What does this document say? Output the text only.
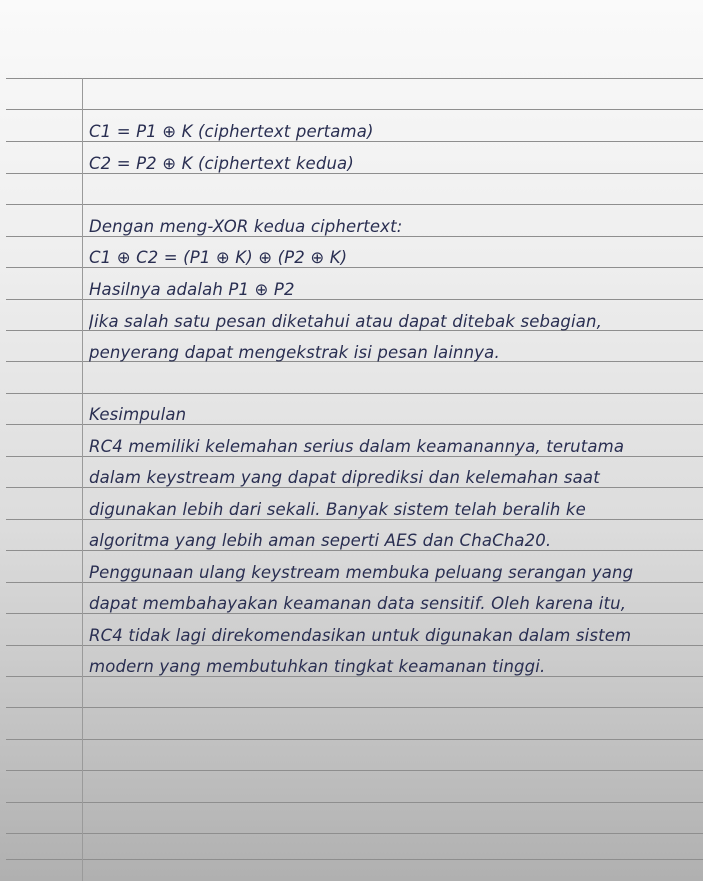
C1 = P1 ⊕ K (ciphertext pertama)
C2 = P2 ⊕ K (ciphertext kedua)
Dengan meng-XOR kedua ciphertext:
C1 ⊕ C2 = (P1 ⊕ K) ⊕ (P2 ⊕ K)
Hasilnya adalah P1 ⊕ P2
Jika salah satu pesan diketahui atau dapat ditebak sebagian,
penyerang dapat mengekstrak isi pesan lainnya.
Kesimpulan
RC4 memiliki kelemahan serius dalam keamanannya, terutama
dalam keystream yang dapat diprediksi dan kelemahan saat
digunakan lebih dari sekali. Banyak sistem telah beralih ke
algoritma yang lebih aman seperti AES dan ChaCha20.
Penggunaan ulang keystream membuka peluang serangan yang
dapat membahayakan keamanan data sensitif. Oleh karena itu,
RC4 tidak lagi direkomendasikan untuk digunakan dalam sistem
modern yang membutuhkan tingkat keamanan tinggi.
